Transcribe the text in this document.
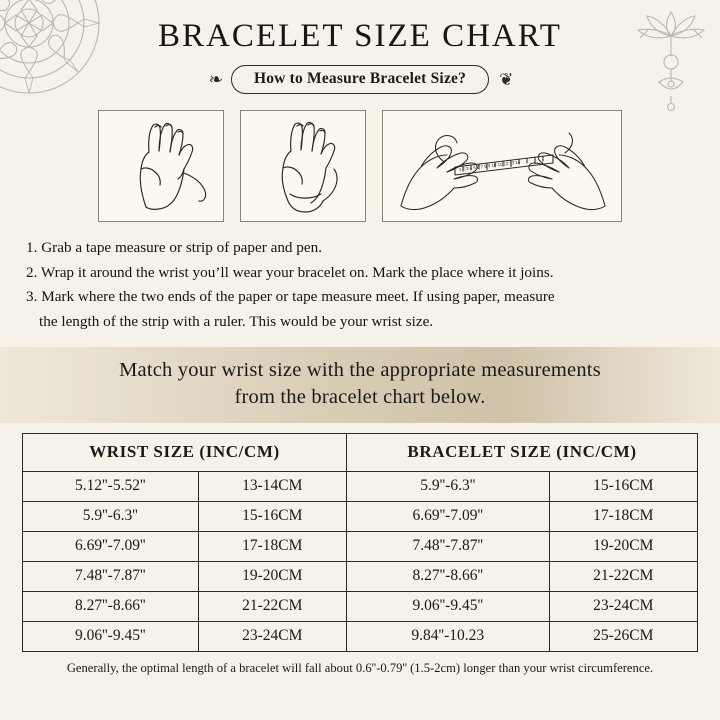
BRACELET SIZE CHART
❧	How to Measure Bracelet Size?	❦
1 2 3 4 5 6 7 8 9 10 11 12 13 14
1. Grab a tape measure or strip of paper and pen.
2. Wrap it around the wrist you’ll wear your bracelet on. Mark the place where it joins.
3. Mark where the two ends of the paper or tape measure meet. If using paper, measure
the length of the strip with a ruler. This would be your wrist size.
Match your wrist size with the appropriate measurements
from the bracelet chart below.
WRIST SIZE (INC/CM)		BRACELET SIZE (INC/CM)	
5.12''-5.52''	13-14CM	5.9''-6.3''	15-16CM
5.9''-6.3''	15-16CM	6.69''-7.09''	17-18CM
6.69''-7.09''	17-18CM	7.48''-7.87''	19-20CM
7.48''-7.87''	19-20CM	8.27''-8.66''	21-22CM
8.27''-8.66''	21-22CM	9.06''-9.45''	23-24CM
9.06''-9.45''	23-24CM	9.84''-10.23	25-26CM
Generally, the optimal length of a bracelet will fall about 0.6''-0.79'' (1.5-2cm) longer than your wrist circumference.
